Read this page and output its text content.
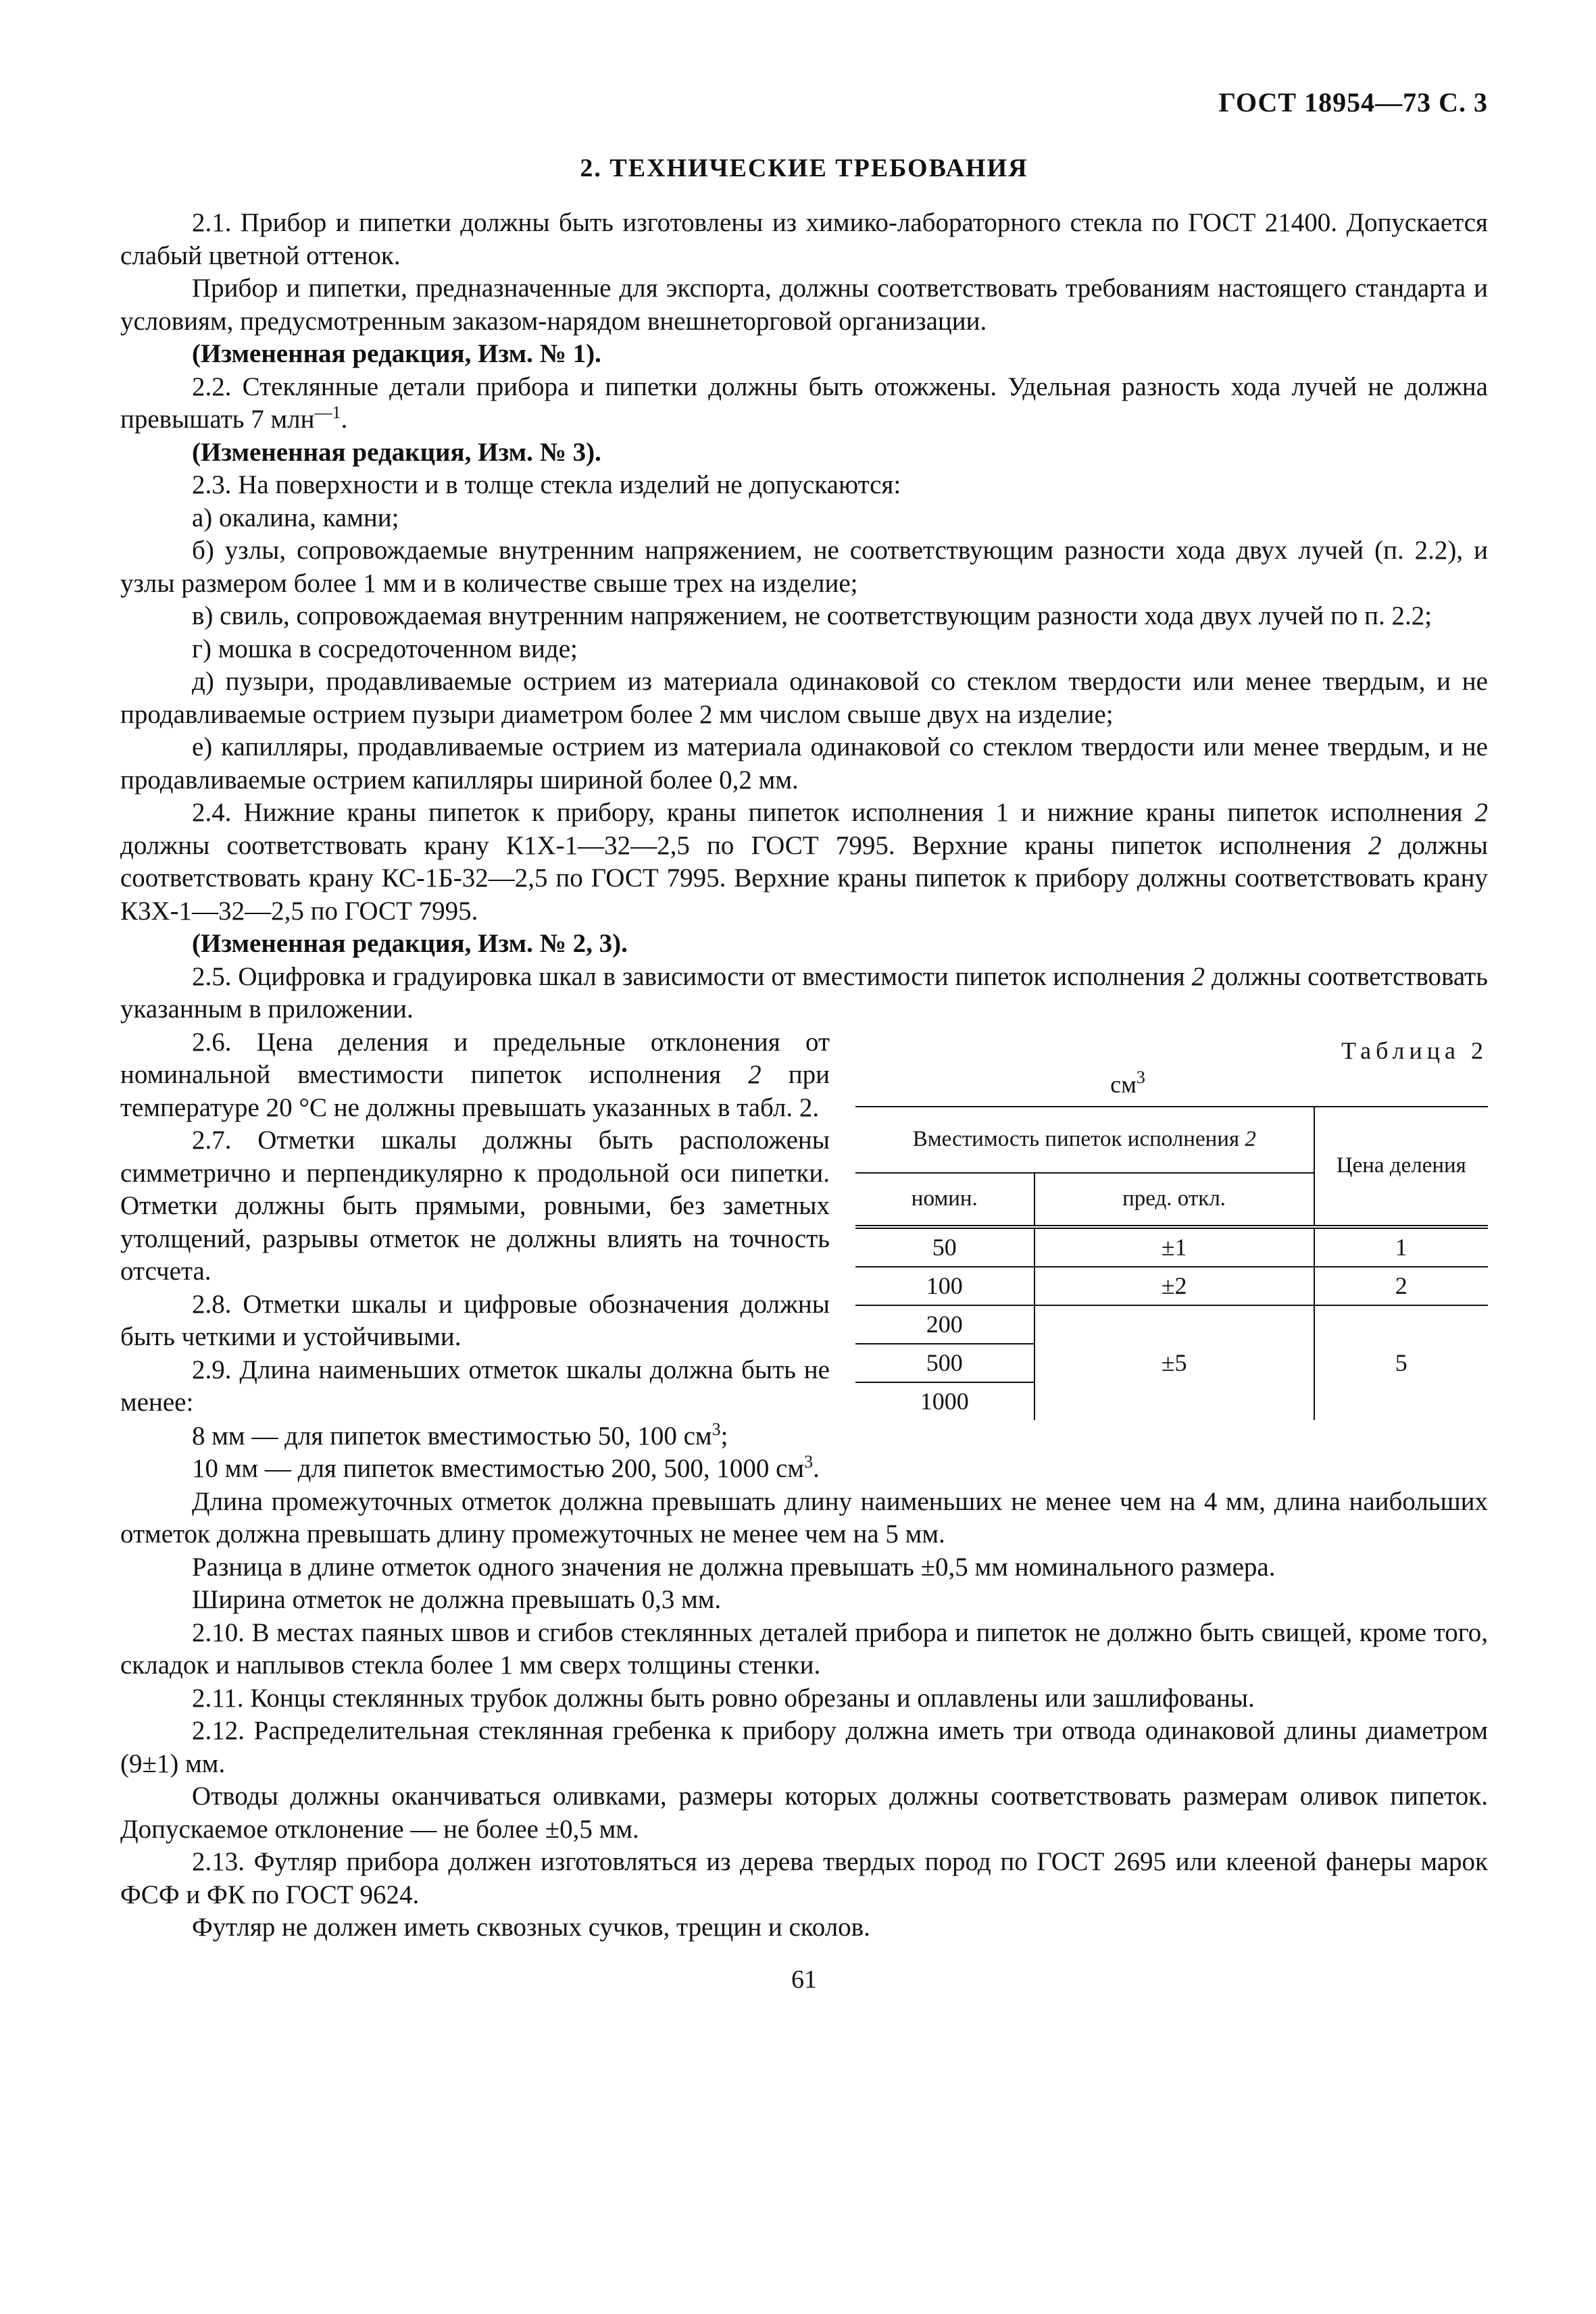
ГОСТ 18954—73 С. 3
2. ТЕХНИЧЕСКИЕ ТРЕБОВАНИЯ

2.1. Прибор и пипетки должны быть изготовлены из химико-лабораторного стекла по ГОСТ 21400. Допускается слабый цветной оттенок.

Прибор и пипетки, предназначенные для экспорта, должны соответствовать требованиям настоящего стандарта и условиям, предусмотренным заказом-нарядом внешнеторговой организации.

(Измененная редакция, Изм. № 1).

2.2. Стеклянные детали прибора и пипетки должны быть отожжены. Удельная разность хода лучей не должна превышать 7 млн$^{—1}$.

(Измененная редакция, Изм. № 3).

2.3. На поверхности и в толще стекла изделий не допускаются:

а) окалина, камни;

б) узлы, сопровождаемые внутренним напряжением, не соответствующим разности хода двух лучей (п. 2.2), и узлы размером более 1 мм и в количестве свыше трех на изделие;

в) свиль, сопровождаемая внутренним напряжением, не соответствующим разности хода двух лучей по п. 2.2;

г) мошка в сосредоточенном виде;

д) пузыри, продавливаемые острием из материала одинаковой со стеклом твердости или менее твердым, и не продавливаемые острием пузыри диаметром более 2 мм числом свыше двух на изделие;

е) капилляры, продавливаемые острием из материала одинаковой со стеклом твердости или менее твердым, и не продавливаемые острием капилляры шириной более 0,2 мм.

2.4. Нижние краны пипеток к прибору, краны пипеток исполнения 1 и нижние краны пипеток исполнения 2 должны соответствовать крану К1Х-1—32—2,5 по ГОСТ 7995. Верхние краны пипеток исполнения 2 должны соответствовать крану КС-1Б-32—2,5 по ГОСТ 7995. Верхние краны пипеток к прибору должны соответствовать крану К3Х-1—32—2,5 по ГОСТ 7995.

(Измененная редакция, Изм. № 2, 3).

2.5. Оцифровка и градуировка шкал в зависимости от вместимости пипеток исполнения 2 должны соответствовать указанным в приложении.

2.6. Цена деления и предельные отклонения от номинальной вместимости пипеток исполнения 2 при температуре 20 °С не должны превышать указанных в табл. 2.

2.7. Отметки шкалы должны быть расположены симметрично и перпендикулярно к продольной оси пипетки. Отметки должны быть прямыми, ровными, без заметных утолщений, разрывы отметок не должны влиять на точность отсчета.

2.8. Отметки шкалы и цифровые обозначения должны быть четкими и устойчивыми.

2.9. Длина наименьших отметок шкалы должна быть не менее:

Таблица 2
$см^3$
Вместимость пипеток исполнения 2		Цена деления
номин.	пред. откл.	
50	±1	1
100	±2	2
200	±5	5
500		
1000		

8 мм — для пипеток вместимостью 50, 100 $см^3$;

10 мм — для пипеток вместимостью 200, 500, 1000 $см^3$.

Длина промежуточных отметок должна превышать длину наименьших не менее чем на 4 мм, длина наибольших отметок должна превышать длину промежуточных не менее чем на 5 мм.

Разница в длине отметок одного значения не должна превышать ±0,5 мм номинального размера.

Ширина отметок не должна превышать 0,3 мм.

2.10. В местах паяных швов и сгибов стеклянных деталей прибора и пипеток не должно быть свищей, кроме того, складок и наплывов стекла более 1 мм сверх толщины стенки.

2.11. Концы стеклянных трубок должны быть ровно обрезаны и оплавлены или зашлифованы.

2.12. Распределительная стеклянная гребенка к прибору должна иметь три отвода одинаковой длины диаметром (9±1) мм.

Отводы должны оканчиваться оливками, размеры которых должны соответствовать размерам оливок пипеток. Допускаемое отклонение — не более ±0,5 мм.

2.13. Футляр прибора должен изготовляться из дерева твердых пород по ГОСТ 2695 или клееной фанеры марок ФСФ и ФК по ГОСТ 9624.

Футляр не должен иметь сквозных сучков, трещин и сколов.

61
